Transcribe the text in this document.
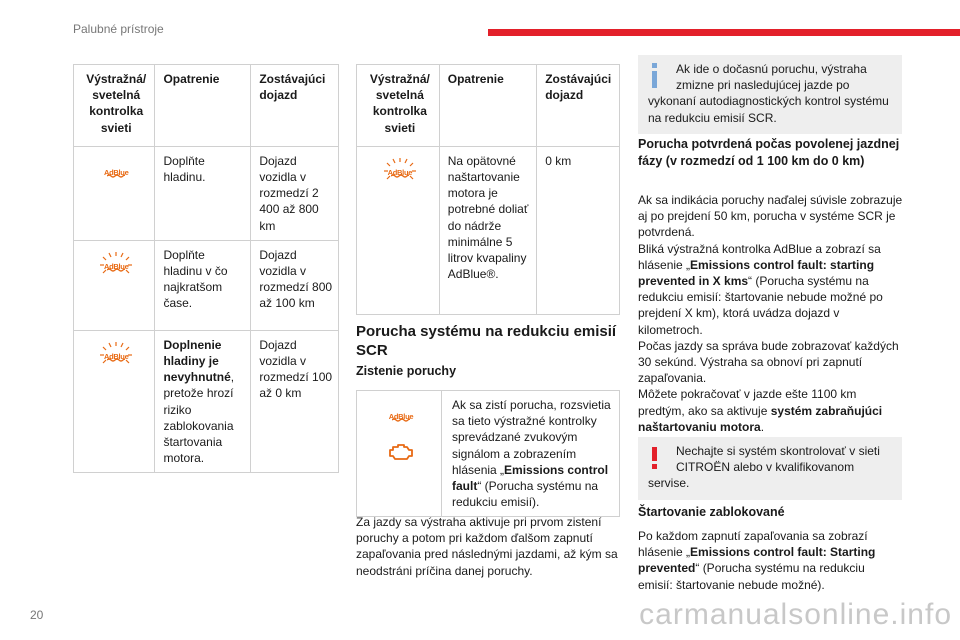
Palubné prístroje
Výstražná/ svetelná kontrolka svieti	Opatrenie	Zostávajúci dojazd

AdBlue	Doplňte hladinu.	Dojazd vozidla v rozmedzí 2 400 až 800 km

AdBlue	Doplňte hladinu v čo najkratšom čase.	Dojazd vozidla v rozmedzí 800 až 100 km

AdBlue	Doplnenie hladiny je nevyhnutné, pretože hrozí riziko zablokovania štartovania motora.	Dojazd vozidla v rozmedzí 100 až 0 km
Výstražná/ svetelná kontrolka svieti	Opatrenie	Zostávajúci dojazd

AdBlue	Na opätovné naštartovanie motora je potrebné doliať do nádrže minimálne 5 litrov kvapaliny AdBlue®.	0 km
Porucha systému na redukciu emisií SCR
Zistenie poruchy
AdBlue
	Ak sa zistí porucha, rozsvietia sa tieto výstražné kontrolky sprevádzané zvukovým signálom a zobrazením hlásenia „Emissions control fault“ (Porucha systému na redukciu emisií).
Za jazdy sa výstraha aktivuje pri prvom zistení poruchy a potom pri každom ďalšom zapnutí zapaľovania pred následnými jazdami, až kým sa neodstráni príčina danej poruchy.
Ak ide o dočasnú poruchu, výstraha zmizne pri nasledujúcej jazde po vykonaní autodiagnostických kontrol systému na redukciu emisií SCR.
Porucha potvrdená počas povolenej jazdnej fázy (v rozmedzí od 1 100 km do 0 km)
Ak sa indikácia poruchy naďalej súvisle zobrazuje aj po prejdení 50 km, porucha v systéme SCR je potvrdená.
Bliká výstražná kontrolka AdBlue a zobrazí sa hlásenie „Emissions control fault: starting prevented in X kms“ (Porucha systému na redukciu emisií: štartovanie nebude možné po prejdení X km), ktorá uvádza dojazd v kilometroch.
Počas jazdy sa správa bude zobrazovať každých 30 sekúnd. Výstraha sa obnoví pri zapnutí zapaľovania.
Môžete pokračovať v jazde ešte 1100 km predtým, ako sa aktivuje systém zabraňujúci naštartovaniu motora.
Nechajte si systém skontrolovať v sieti CITROËN alebo v kvalifikovanom servise.
Štartovanie zablokované
Po každom zapnutí zapaľovania sa zobrazí hlásenie „Emissions control fault: Starting prevented“ (Porucha systému na redukciu emisií: štartovanie nebude možné).
20	carmanualsonline.info
